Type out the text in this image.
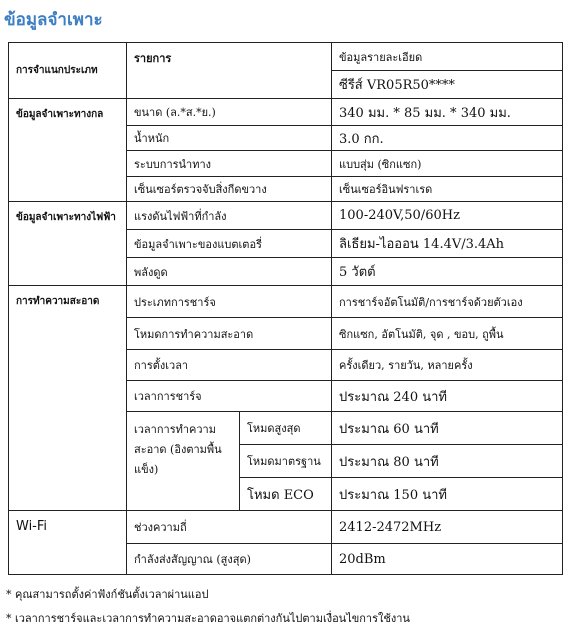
ข้อมูลจำเพาะ
การจำแนกประเภท	รายการ		ข้อมูลรายละเอียด
			ซีรีส์ VR05R50****
ข้อมูลจำเพาะทางกล	ขนาด (ล.*ส.*ย.)		340 มม. * 85 มม. * 340 มม.
	น้ำหนัก		3.0 กก.
	ระบบการนำทาง		แบบสุ่ม (ซิกแซก)
	เซ็นเซอร์ตรวจจับสิ่งกีดขวาง		เซ็นเซอร์อินฟราเรด
ข้อมูลจำเพาะทางไฟฟ้า	แรงดันไฟฟ้าที่กำลัง		100-240V,50/60Hz
	ข้อมูลจำเพาะของแบตเตอรี่		ลิเธียม-ไอออน 14.4V/3.4Ah
	พลังดูด		5 วัตต์
การทำความสะอาด	ประเภทการชาร์จ		การชาร์จอัตโนมัติ/การชาร์จด้วยตัวเอง
	โหมดการทำความสะอาด		ซิกแซก, อัตโนมัติ, จุด , ขอบ, ถูพื้น
	การตั้งเวลา		ครั้งเดียว, รายวัน, หลายครั้ง
	เวลาการชาร์จ		ประมาณ 240 นาที
	เวลาการทำความสะอาด (อิงตามพื้นแข็ง)	โหมดสูงสุด	ประมาณ 60 นาที
		โหมดมาตรฐาน	ประมาณ 80 นาที
		โหมด ECO	ประมาณ 150 นาที
Wi-Fi	ช่วงความถี่		2412-2472MHz
	กำลังส่งสัญญาณ (สูงสุด)		20dBm
* คุณสามารถตั้งค่าฟังก์ชันตั้งเวลาผ่านแอป
* เวลาการชาร์จและเวลาการทำความสะอาดอาจแตกต่างกันไปตามเงื่อนไขการใช้งาน
